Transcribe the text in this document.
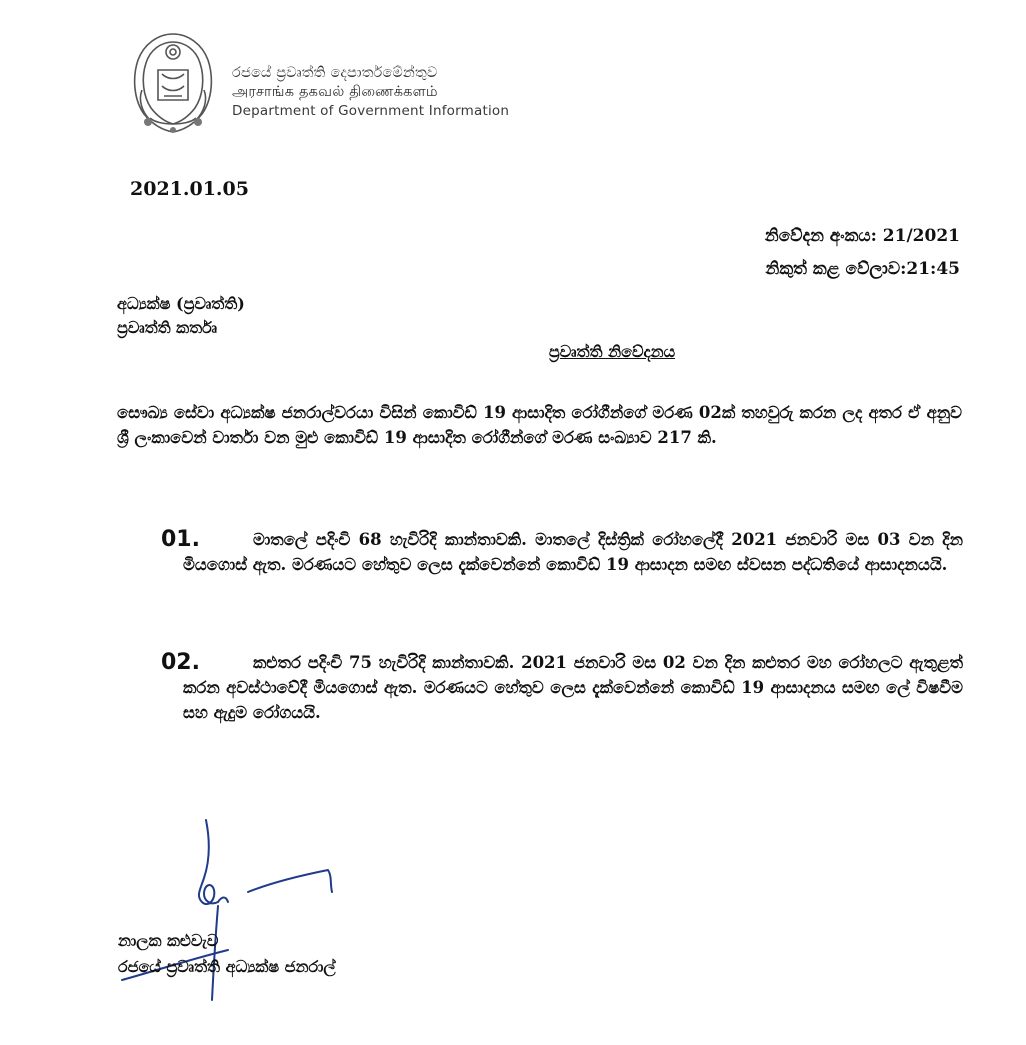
රජයේ ප්‍රවෘත්ති දෙපාර්තමේන්තුව
அரசாங்க தகவல் திணைக்களம்
Department of Government Information
2021.01.05
නිවේදන අංකය: 21/2021
නිකුත් කළ වේලාව:21:45
අධ්‍යක්ෂ (ප්‍රවෘත්ති)
ප්‍රවෘත්ති කර්තෘ
ප්‍රවෘත්ති නිවේදනය
සෞඛ්‍ය සේවා අධ්‍යක්ෂ ජනරාල්වරයා විසින් කොවිඩ් 19 ආසාදිත රෝගීන්ගේ මරණ 02ක් තහවුරු කරන ලද අතර ඒ අනුව ශ්‍රී ලංකාවෙන් වාර්තා වන මුළු කොවිඩ් 19 ආසාදිත රෝගීන්ගේ මරණ සංඛ්‍යාව 217 කි.
01.	මාතලේ පදිංචි 68 හැවිරිදි කාන්තාවකි. මාතලේ දිස්ත්‍රික් රෝහලේදී 2021 ජනවාරි මස 03 වන දින මියගොස් ඇත. මරණයට හේතුව ලෙස දැක්වෙන්නේ කොවිඩ් 19 ආසාදන සමඟ ස්වසන පද්ධතියේ ආසාදනයයි.
02.	කළුතර පදිංචි 75 හැවිරිදි කාන්තාවකි. 2021 ජනවාරි මස 02 වන දින කළුතර මහ රෝහලට ඇතුළත් කරන අවස්ථාවේදී මියගොස් ඇත. මරණයට හේතුව ලෙස දැක්වෙන්නේ කොවිඩ් 19 ආසාදනය සමඟ ලේ විෂවීම සහ ඇදුම රෝගයයි.
නාලක කළුවැව
රජයේ ප්‍රවෘත්ති අධ්‍යක්ෂ ජනරාල්
